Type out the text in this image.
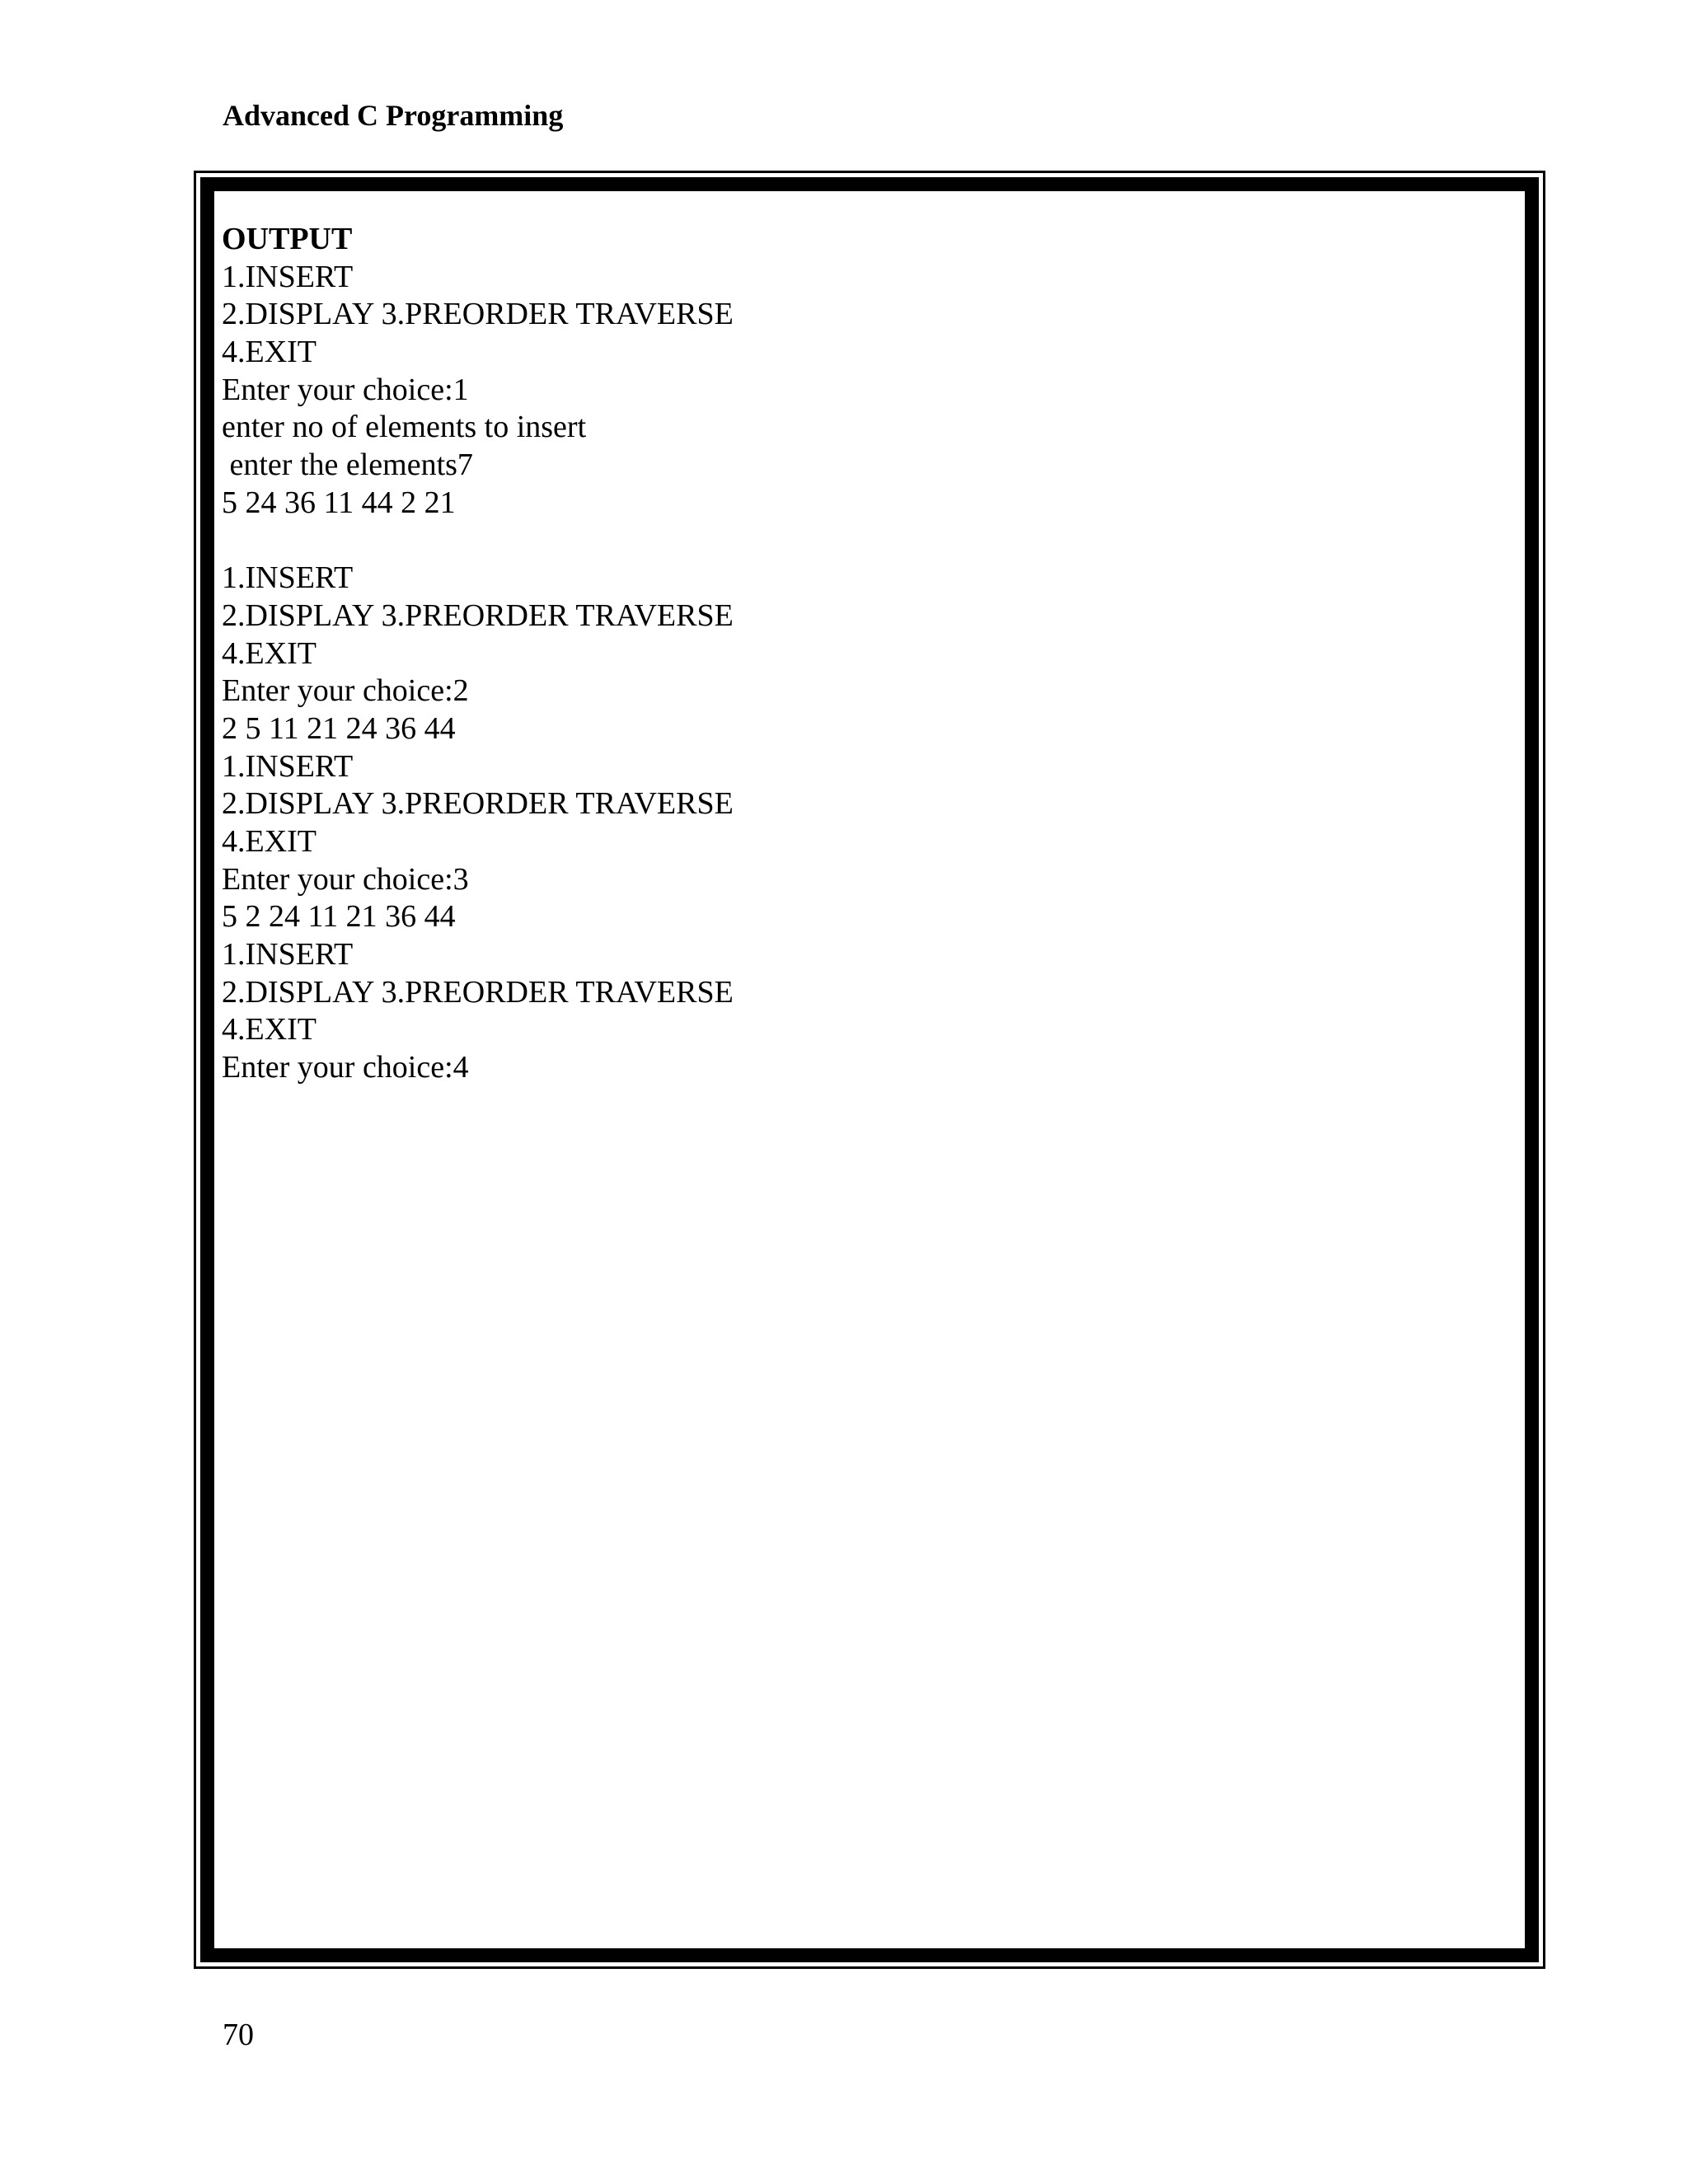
Advanced C Programming
OUTPUT
1.INSERT
2.DISPLAY 3.PREORDER TRAVERSE
4.EXIT
Enter your choice:1
enter no of elements to insert
enter the elements7
5 24 36 11 44 2 21
1.INSERT
2.DISPLAY 3.PREORDER TRAVERSE
4.EXIT
Enter your choice:2
2 5 11 21 24 36 44
1.INSERT
2.DISPLAY 3.PREORDER TRAVERSE
4.EXIT
Enter your choice:3
5 2 24 11 21 36 44
1.INSERT
2.DISPLAY 3.PREORDER TRAVERSE
4.EXIT
Enter your choice:4
70
